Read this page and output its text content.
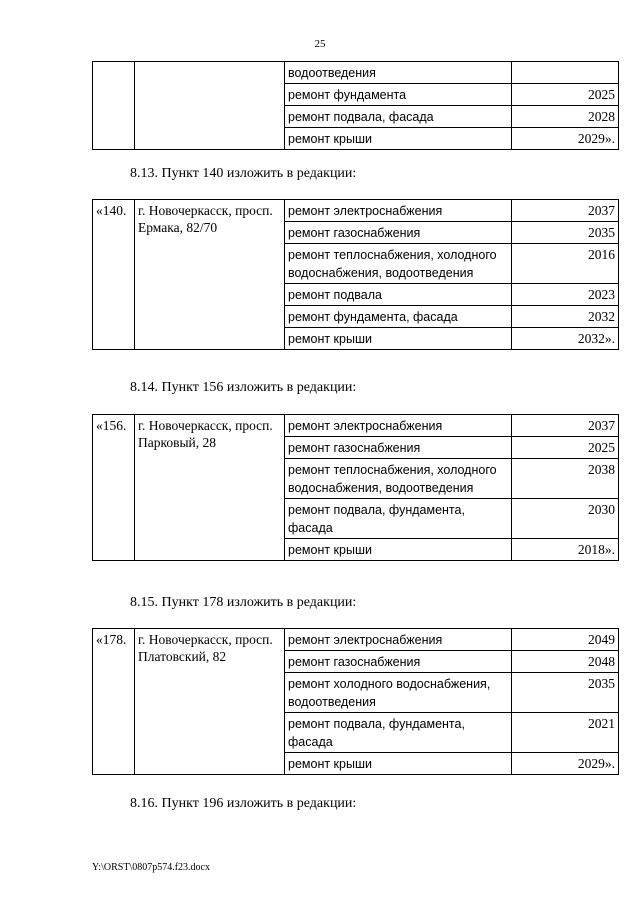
25
		водоотведения	
		ремонт фундамента	2025
		ремонт подвала, фасада	2028
		ремонт крыши	2029».
8.13. Пункт 140 изложить в редакции:
«140.	г. Новочеркасск, просп. Ермака, 82/70	ремонт электроснабжения	2037
		ремонт газоснабжения	2035
		ремонт теплоснабжения, холодного водоснабжения, водоотведения	2016
		ремонт подвала	2023
		ремонт фундамента, фасада	2032
		ремонт крыши	2032».
8.14. Пункт 156 изложить в редакции:
«156.	г. Новочеркасск, просп. Парковый, 28	ремонт электроснабжения	2037
		ремонт газоснабжения	2025
		ремонт теплоснабжения, холодного водоснабжения, водоотведения	2038
		ремонт подвала, фундамента, фасада	2030
		ремонт крыши	2018».
8.15. Пункт 178 изложить в редакции:
«178.	г. Новочеркасск, просп. Платовский, 82	ремонт электроснабжения	2049
		ремонт газоснабжения	2048
		ремонт холодного водоснабжения, водоотведения	2035
		ремонт подвала, фундамента, фасада	2021
		ремонт крыши	2029».
8.16. Пункт 196 изложить в редакции:
Y:\ORST\0807p574.f23.docx
